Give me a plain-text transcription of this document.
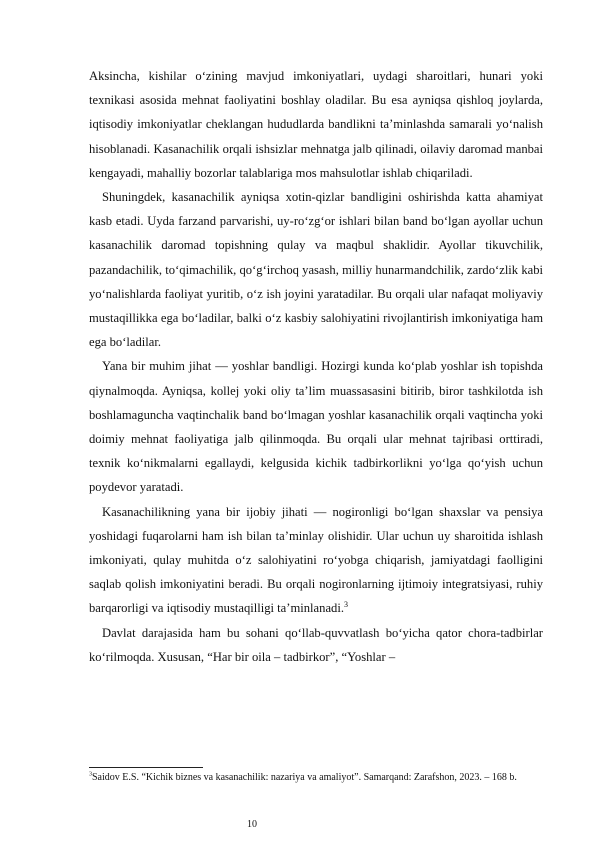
Aksincha, kishilar o‘zining mavjud imkoniyatlari, uydagi sharoitlari, hunari yoki texnikasi asosida mehnat faoliyatini boshlay oladilar. Bu esa ayniqsa qishloq joylarda, iqtisodiy imkoniyatlar cheklangan hududlarda bandlikni ta’minlashda samarali yo‘nalish hisoblanadi. Kasanachilik orqali ishsizlar mehnatga jalb qilinadi, oilaviy daromad manbai kengayadi, mahalliy bozorlar talablariga mos mahsulotlar ishlab chiqariladi.

Shuningdek, kasanachilik ayniqsa xotin-qizlar bandligini oshirishda katta ahamiyat kasb etadi. Uyda farzand parvarishi, uy-ro‘zg‘or ishlari bilan band bo‘lgan ayollar uchun kasanachilik daromad topishning qulay va maqbul shaklidir. Ayollar tikuvchilik, pazandachilik, to‘qimachilik, qo‘g‘irchoq yasash, milliy hunarmandchilik, zardo‘zlik kabi yo‘nalishlarda faoliyat yuritib, o‘z ish joyini yaratadilar. Bu orqali ular nafaqat moliyaviy mustaqillikka ega bo‘ladilar, balki o‘z kasbiy salohiyatini rivojlantirish imkoniyatiga ham ega bo‘ladilar.

Yana bir muhim jihat — yoshlar bandligi. Hozirgi kunda ko‘plab yoshlar ish topishda qiynalmoqda. Ayniqsa, kollej yoki oliy ta’lim muassasasini bitirib, biror tashkilotda ish boshlamaguncha vaqtinchalik band bo‘lmagan yoshlar kasanachilik orqali vaqtincha yoki doimiy mehnat faoliyatiga jalb qilinmoqda. Bu orqali ular mehnat tajribasi orttiradi, texnik ko‘nikmalarni egallaydi, kelgusida kichik tadbirkorlikni yo‘lga qo‘yish uchun poydevor yaratadi.

Kasanachilikning yana bir ijobiy jihati — nogironligi bo‘lgan shaxslar va pensiya yoshidagi fuqarolarni ham ish bilan ta’minlay olishidir. Ular uchun uy sharoitida ishlash imkoniyati, qulay muhitda o‘z salohiyatini ro‘yobga chiqarish, jamiyatdagi faolligini saqlab qolish imkoniyatini beradi. Bu orqali nogironlarning ijtimoiy integratsiyasi, ruhiy barqarorligi va iqtisodiy mustaqilligi ta’minlanadi.$^3$

Davlat darajasida ham bu sohani qo‘llab-quvvatlash bo‘yicha qator chora-tadbirlar ko‘rilmoqda. Xususan, “Har bir oila – tadbirkor”, “Yoshlar –

$^3$Saidov E.S. “Kichik biznes va kasanachilik: nazariya va amaliyot”. Samarqand: Zarafshon, 2023. – 168 b.
10
